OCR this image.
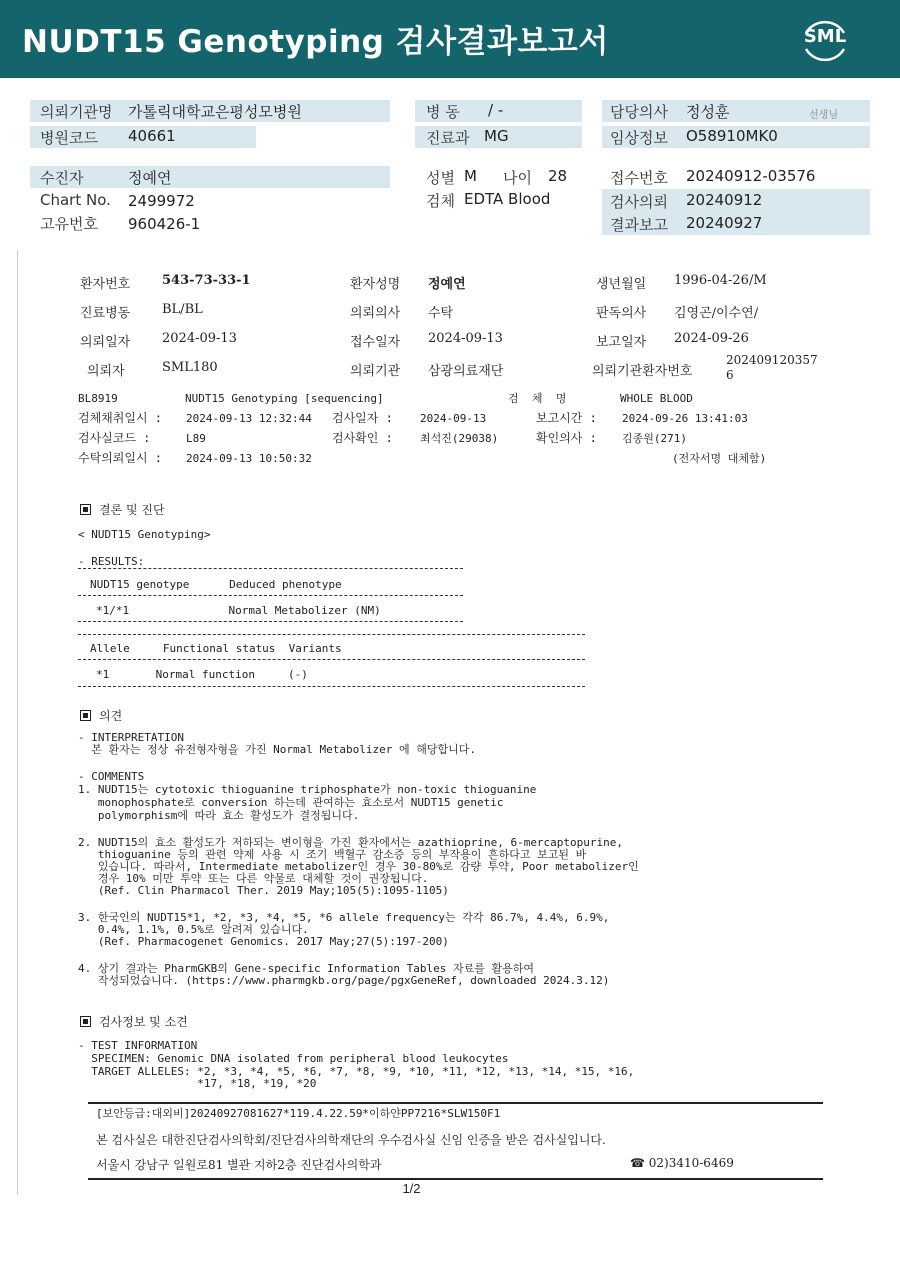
NUDT15 Genotyping 검사결과보고서	SML
의뢰기관명 가톨릭대학교은평성모병원
병원코드 40661
병 동 / -
진료과 MG
담당의사 정성훈	선생님
임상정보 O58910MK0
수진자	정예연
Chart No. 2499972
고유번호 960426-1
성별 M 나이 28
검체 EDTA Blood
접수번호 20240912-03576
검사의뢰 20240912
결과보고 20240927
환자번호 543-73-33-1	환자성명 정예연	생년월일 1996-04-26/M
진료병동 BL/BL	의뢰의사 수탁	판독의사 김영곤/이수연/
의뢰일자 2024-09-13	접수일자 2024-09-13	보고일자 2024-09-26
의뢰자	SML180	의뢰기관 삼광의료재단	의뢰기관환자번호
202409120357
6
BL8919	NUDT15 Genotyping [sequencing]	검  체  명	WHOLE BLOOD
검체채취일시 : 2024-09-13 12:32:44 검사일자 : 2024-09-13	보고시간 : 2024-09-26 13:41:03
검사실코드 :	L89	검사확인 : 최석진(29038)	확인의사 : 김종원(271)
수탁의뢰일시 : 2024-09-13 10:50:32	(전자서명 대체함)
결론 및 진단
< NUDT15 Genotyping>
- RESULTS:
NUDT15 genotype      Deduced phenotype
*1/*1               Normal Metabolizer (NM)
Allele     Functional status  Variants
*1       Normal function     (-)
의견
- INTERPRETATION
본 환자는 정상 유전형자형을 가진 Normal Metabolizer 에 해당합니다.
- COMMENTS
1. NUDT15는 cytotoxic thioguanine triphosphate가 non-toxic thioguanine
monophosphate로 conversion 하는데 관여하는 효소로서 NUDT15 genetic
polymorphism에 따라 효소 활성도가 결정됩니다.
2. NUDT15의 효소 활성도가 저하되는 변이형을 가진 환자에서는 azathioprine, 6-mercaptopurine,
thioguanine 등의 관련 약제 사용 시 조기 백혈구 감소증 등의 부작용이 흔하다고 보고된 바
있습니다. 따라서, Intermediate metabolizer인 경우 30-80%로 감량 투약, Poor metabolizer인
경우 10% 미만 투약 또는 다른 약물로 대체할 것이 권장됩니다.
(Ref. Clin Pharmacol Ther. 2019 May;105(5):1095-1105)
3. 한국인의 NUDT15*1, *2, *3, *4, *5, *6 allele frequency는 각각 86.7%, 4.4%, 6.9%,
0.4%, 1.1%, 0.5%로 알려져 있습니다.
(Ref. Pharmacogenet Genomics. 2017 May;27(5):197-200)
4. 상기 결과는 PharmGKB의 Gene-specific Information Tables 자료를 활용하여
작성되었습니다. (https://www.pharmgkb.org/page/pgxGeneRef, downloaded 2024.3.12)
검사정보 및 소견
- TEST INFORMATION
SPECIMEN: Genomic DNA isolated from peripheral blood leukocytes
TARGET ALLELES: *2, *3, *4, *5, *6, *7, *8, *9, *10, *11, *12, *13, *14, *15, *16,
*17, *18, *19, *20
[보안등급:대외비]20240927081627*119.4.22.59*이하얀PP7216*SLW150F1
본 검사실은 대한진단검사의학회/진단검사의학재단의 우수검사실 신임 인증을 받은 검사실입니다.
서울시 강남구 일원로81 별관 지하2층 진단검사의학과	☎ 02)3410-6469
1/2
